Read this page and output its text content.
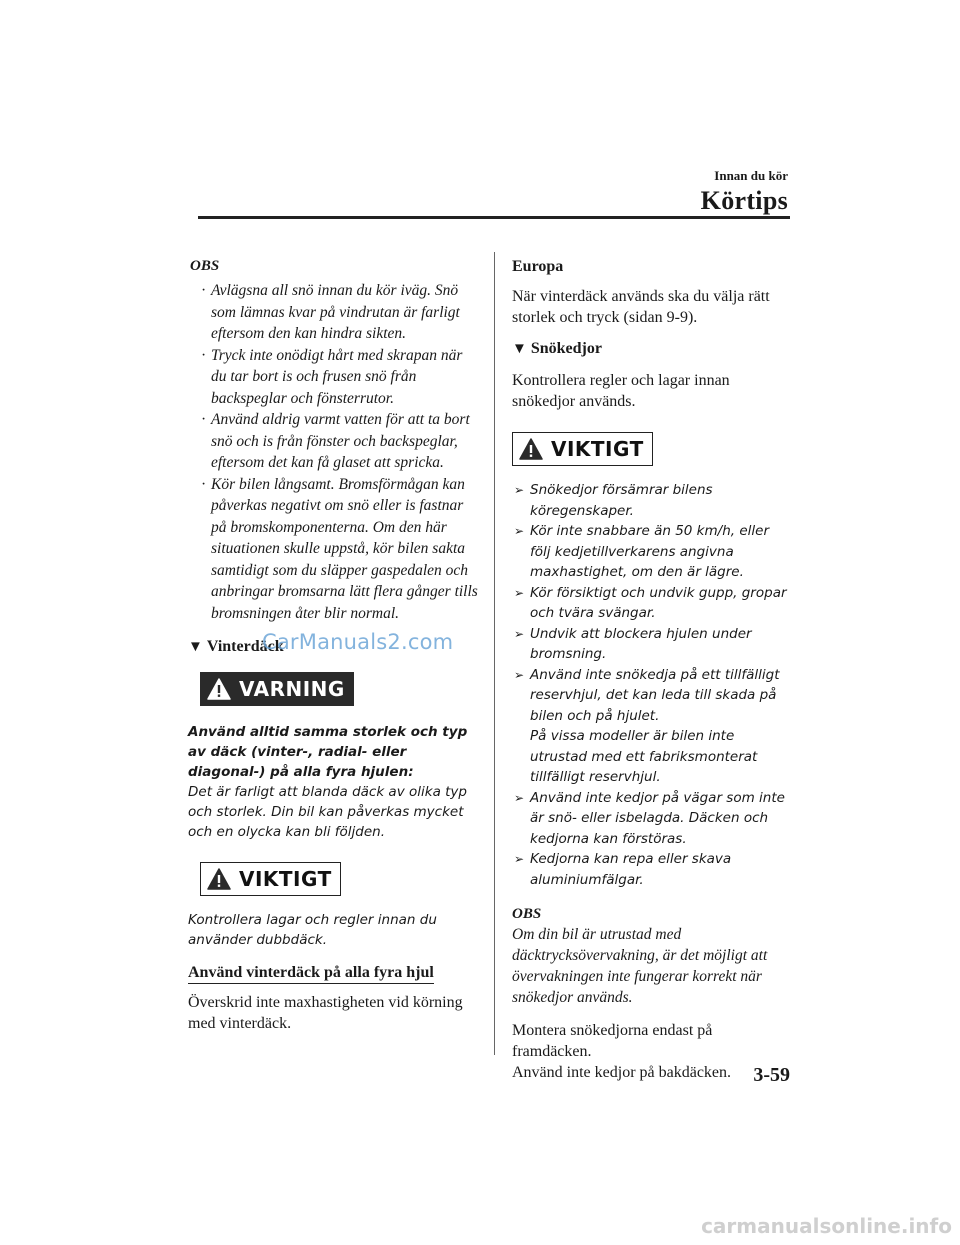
Innan du kör
Körtips
OBS
· Avlägsna all snö innan du kör iväg. Snö som lämnas kvar på vindrutan är farligt eftersom den kan hindra sikten.
· Tryck inte onödigt hårt med skrapan när du tar bort is och frusen snö från backspeglar och fönsterrutor.
· Använd aldrig varmt vatten för att ta bort snö och is från fönster och backspeglar, eftersom det kan få glaset att spricka.
· Kör bilen långsamt. Bromsförmågan kan påverkas negativt om snö eller is fastnar på bromskomponenterna. Om den här situationen skulle uppstå, kör bilen sakta samtidigt som du släpper gaspedalen och anbringar bromsarna lätt flera gånger tills bromsningen åter blir normal.
▼ Vinterdäck
VARNING
Använd alltid samma storlek och typ av däck (vinter-, radial- eller diagonal-) på alla fyra hjulen:
Det är farligt att blanda däck av olika typ och storlek. Din bil kan påverkas mycket och en olycka kan bli följden.
VIKTIGT
Kontrollera lagar och regler innan du använder dubbdäck.
Använd vinterdäck på alla fyra hjul

Överskrid inte maxhastigheten vid körning med vinterdäck.

Europa

När vinterdäck används ska du välja rätt storlek och tryck (sidan 9-9).

▼ Snökedjor

Kontrollera regler och lagar innan snökedjor används.

VIKTIGT
➢ Snökedjor försämrar bilens köregenskaper.
➢ Kör inte snabbare än 50 km/h, eller följ kedjetillverkarens angivna maxhastighet, om den är lägre.
➢ Kör försiktigt och undvik gupp, gropar och tvära svängar.
➢ Undvik att blockera hjulen under bromsning.
➢ Använd inte snökedja på ett tillfälligt reservhjul, det kan leda till skada på bilen och på hjulet.
På vissa modeller är bilen inte utrustad med ett fabriksmonterat tillfälligt reservhjul.
➢ Använd inte kedjor på vägar som inte är snö- eller isbelagda. Däcken och kedjorna kan förstöras.
➢ Kedjorna kan repa eller skava aluminiumfälgar.
OBS
Om din bil är utrustad med däcktrycksövervakning, är det möjligt att övervakningen inte fungerar korrekt när snökedjor används.

Montera snökedjorna endast på framdäcken.

Använd inte kedjor på bakdäcken.	3-59
CarManuals2.com
carmanualsonline.info
